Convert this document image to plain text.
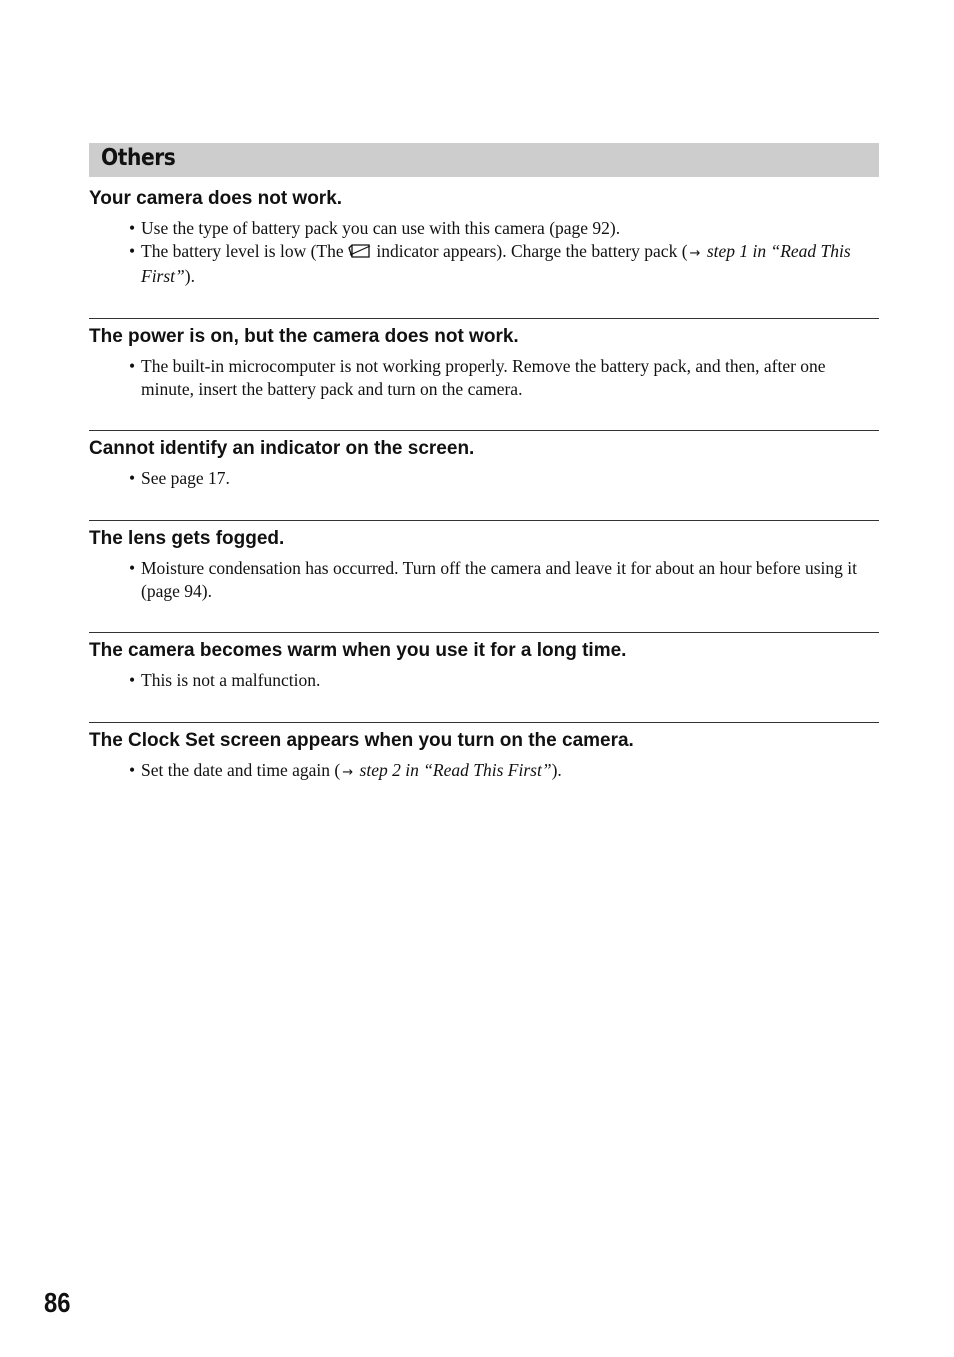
Others

Your camera does not work.

• Use the type of battery pack you can use with this camera (page 92).
• The battery level is low (The indicator appears). Charge the battery pack ( → step 1 in “Read This First”).

The power is on, but the camera does not work.

• The built-in microcomputer is not working properly. Remove the battery pack, and then, after one minute, insert the battery pack and turn on the camera.

Cannot identify an indicator on the screen.

• See page 17.

The lens gets fogged.

• Moisture condensation has occurred. Turn off the camera and leave it for about an hour before using it (page 94).

The camera becomes warm when you use it for a long time.

• This is not a malfunction.

The Clock Set screen appears when you turn on the camera.

• Set the date and time again ( → step 2 in “Read This First”).
86
